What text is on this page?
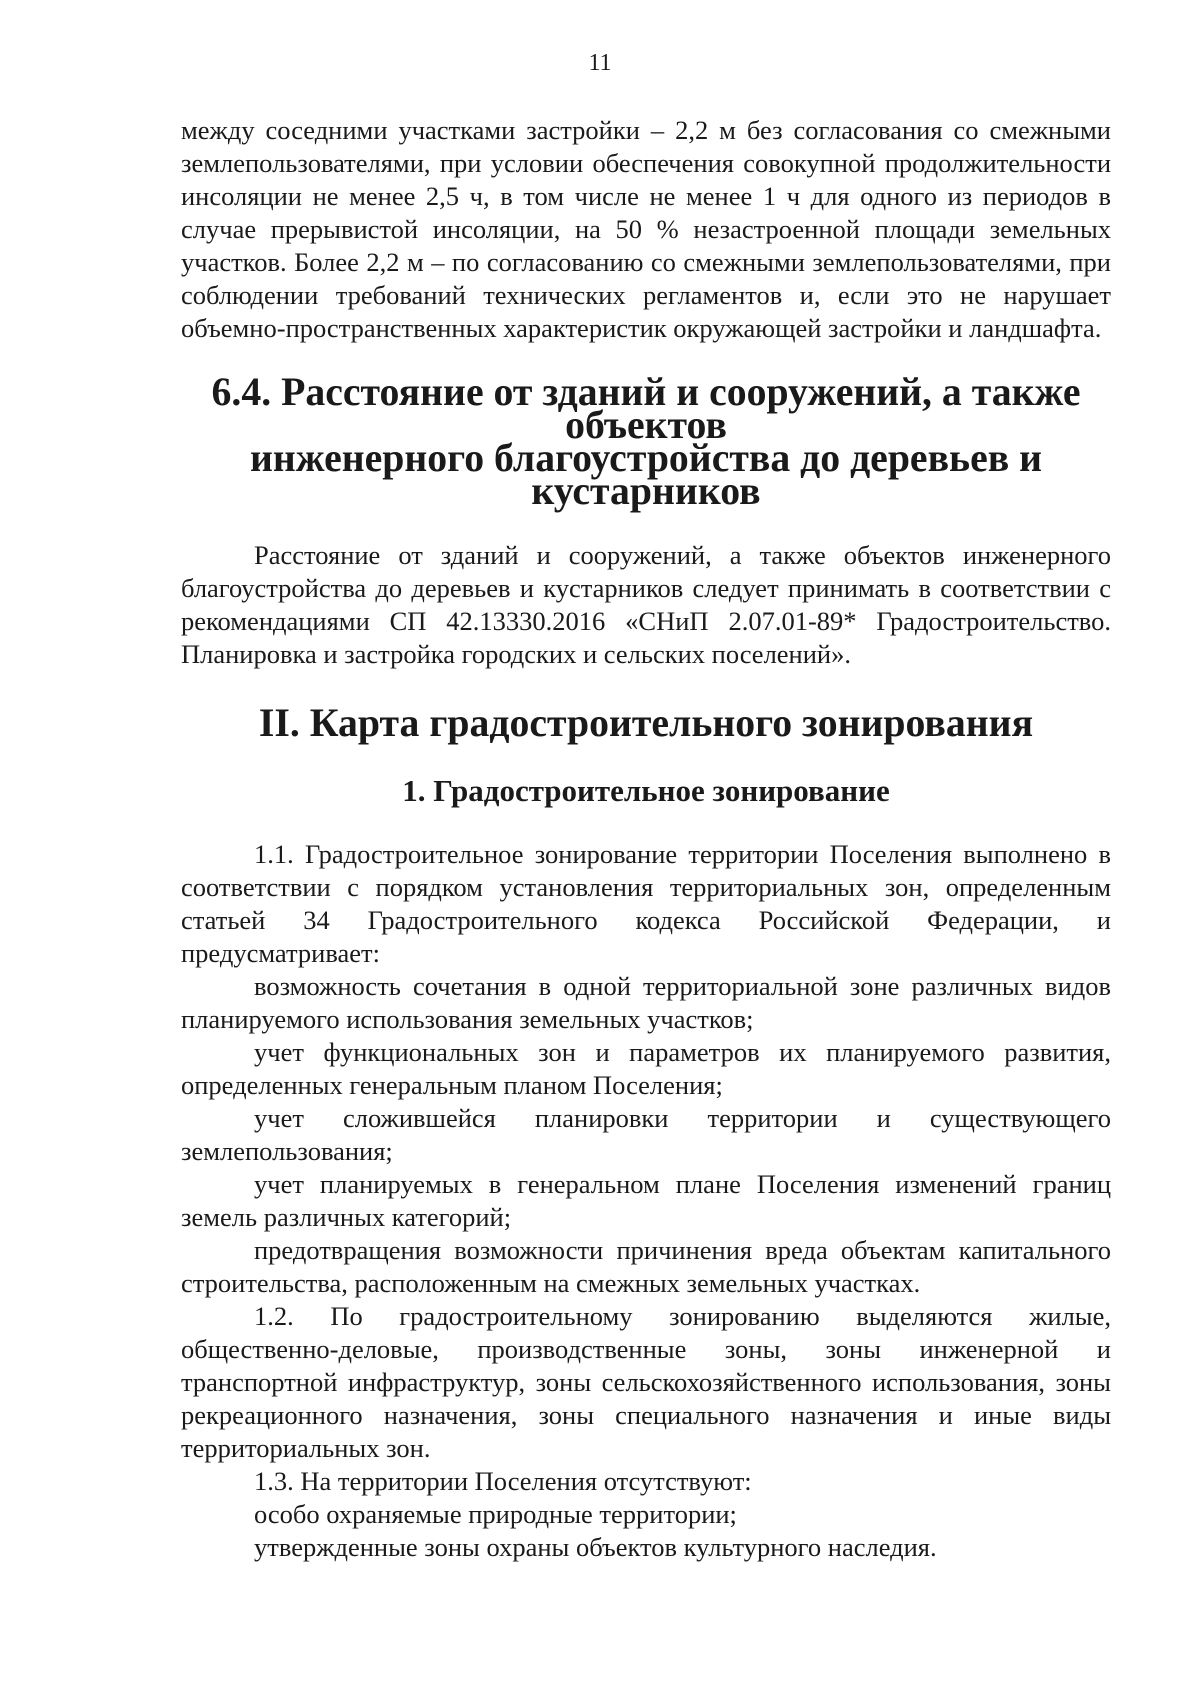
11

между соседними участками застройки – 2,2 м без согласования со смежными землепользователями, при условии обеспечения совокупной продолжительности инсоляции не менее 2,5 ч, в том числе не менее 1 ч для одного из периодов в случае прерывистой инсоляции, на 50 % незастроенной площади земельных участков. Более 2,2 м – по согласованию со смежными землепользователями, при соблюдении требований технических регламентов и, если это не нарушает объемно-пространственных характеристик окружающей застройки и ландшафта.

6.4. Расстояние от зданий и сооружений, а также объектов
инженерного благоустройства до деревьев и кустарников

Расстояние от зданий и сооружений, а также объектов инженерного благоустройства до деревьев и кустарников следует принимать в соответствии с рекомендациями СП 42.13330.2016 «СНиП 2.07.01-89* Градостроительство. Планировка и застройка городских и сельских поселений».

II. Карта градостроительного зонирования
1. Градостроительное зонирование

1.1. Градостроительное зонирование территории Поселения выполнено в соответствии с порядком установления территориальных зон, определенным статьей 34 Градостроительного кодекса Российской Федерации, и предусматривает:

возможность сочетания в одной территориальной зоне различных видов планируемого использования земельных участков;

учет функциональных зон и параметров их планируемого развития, определенных генеральным планом Поселения;

учет сложившейся планировки территории и существующего землепользования;

учет планируемых в генеральном плане Поселения изменений границ земель различных категорий;

предотвращения возможности причинения вреда объектам капитального строительства, расположенным на смежных земельных участках.

1.2. По градостроительному зонированию выделяются жилые, общественно-деловые, производственные зоны, зоны инженерной и транспортной инфраструктур, зоны сельскохозяйственного использования, зоны рекреационного назначения, зоны специального назначения и иные виды территориальных зон.

1.3. На территории Поселения отсутствуют:

особо охраняемые природные территории;

утвержденные зоны охраны объектов культурного наследия.
